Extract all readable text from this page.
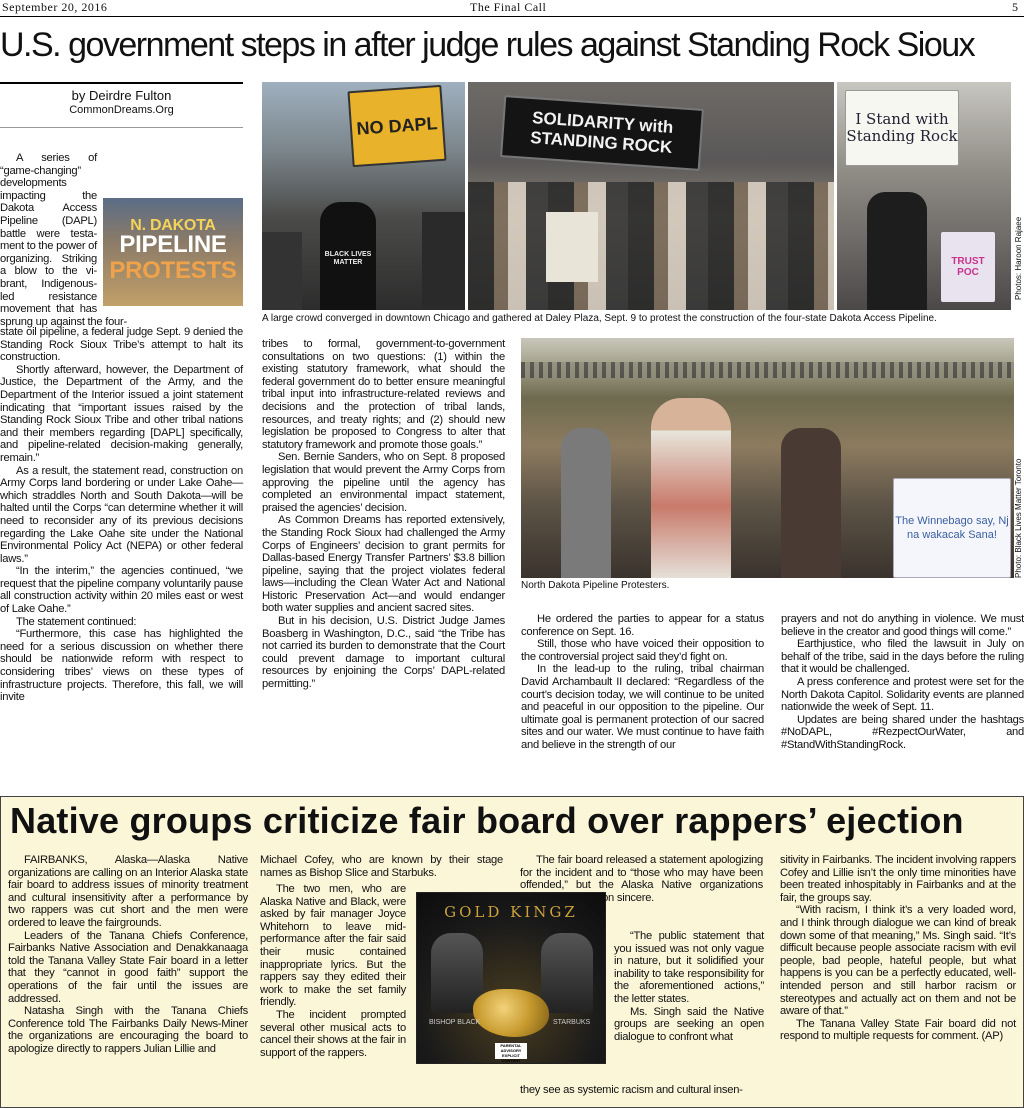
September 20, 2016	The Final Call	5
U.S. government steps in after judge rules against Standing Rock Sioux
by Deirdre Fulton
CommonDreams.Org
N. DAKOTA
PIPELINE
PROTESTS

A series of “game-changing” developments impacting the Dakota Access Pipeline (DAPL) battle were testa-ment to the power of organizing. Striking a blow to the vi-brant, Indigenous-led resistance movement that has sprung up against the four-

state oil pipeline, a federal judge Sept. 9 denied the Standing Rock Sioux Tribe’s attempt to halt its construction.

Shortly afterward, however, the Department of Justice, the Department of the Army, and the Department of the Interior issued a joint statement indicating that “important issues raised by the Standing Rock Sioux Tribe and other tribal nations and their members regarding [DAPL] specifically, and pipeline-related decision-making generally, remain.”

As a result, the statement read, construction on Army Corps land bordering or under Lake Oahe—which straddles North and South Dakota—will be halted until the Corps “can determine whether it will need to reconsider any of its previous decisions regarding the Lake Oahe site under the National Environmental Policy Act (NEPA) or other federal laws.”

“In the interim,” the agencies continued, “we request that the pipeline company voluntarily pause all construction activity within 20 miles east or west of Lake Oahe.”

The statement continued:

“Furthermore, this case has highlighted the need for a serious discussion on whether there should be nationwide reform with respect to considering tribes’ views on these types of infrastructure projects. Therefore, this fall, we will invite

NO DAPL
BLACK LIVES MATTER
SOLIDARITY with STANDING ROCK
I Stand with Standing Rock
TRUST POC	Photos: Haroon Rajaee
A large crowd converged in downtown Chicago and gathered at Daley Plaza, Sept. 9 to protest the construction of the four-state Dakota Access Pipeline.

tribes to formal, government-to-government consultations on two questions: (1) within the existing statutory framework, what should the federal government do to better ensure meaningful tribal input into infrastructure-related reviews and decisions and the protection of tribal lands, resources, and treaty rights; and (2) should new legislation be proposed to Congress to alter that statutory framework and promote those goals.”

Sen. Bernie Sanders, who on Sept. 8 proposed legislation that would prevent the Army Corps from approving the pipeline until the agency has completed an environmental impact statement, praised the agencies’ decision.

As Common Dreams has reported extensively, the Standing Rock Sioux had challenged the Army Corps of Engineers’ decision to grant permits for Dallas-based Energy Transfer Partners’ $3.8 billion pipeline, saying that the project violates federal laws—including the Clean Water Act and National Historic Preservation Act—and would endanger both water supplies and ancient sacred sites.

But in his decision, U.S. District Judge James Boasberg in Washington, D.C., said “the Tribe has not carried its burden to demonstrate that the Court could prevent damage to important cultural resources by enjoining the Corps’ DAPL-related permitting.”

The Winnebago say, Nj na wakacak Sana!	Photo: Black Lives Matter Toronto
North Dakota Pipeline Protesters.

He ordered the parties to appear for a status conference on Sept. 16.

Still, those who have voiced their opposition to the controversial project said they’d fight on.

In the lead-up to the ruling, tribal chairman David Archambault II declared: “Regardless of the court’s decision today, we will continue to be united and peaceful in our opposition to the pipeline. Our ultimate goal is permanent protection of our sacred sites and our water. We must continue to have faith and believe in the strength of our

prayers and not do anything in violence. We must believe in the creator and good things will come.”

Earthjustice, who filed the lawsuit in July on behalf of the tribe, said in the days before the ruling that it would be challenged.

A press conference and protest were set for the North Dakota Capitol. Solidarity events are planned nationwide the week of Sept. 11.

Updates are being shared under the hashtags #NoDAPL, #RezpectOurWater, and #StandWithStandingRock.

Native groups criticize fair board over rappers’ ejection

FAIRBANKS, Alaska—Alaska Native organizations are calling on an Interior Alaska state fair board to address issues of minority treatment and cultural insensitivity after a performance by two rappers was cut short and the men were ordered to leave the fairgrounds.

Leaders of the Tanana Chiefs Conference, Fairbanks Native Association and Denakkanaaga told the Tanana Valley State Fair board in a letter that they “cannot in good faith” support the operations of the fair until the issues are addressed.

Natasha Singh with the Tanana Chiefs Conference told The Fairbanks Daily News-Miner the organizations are encouraging the board to apologize directly to rappers Julian Lillie and

Michael Cofey, who are known by their stage names as Bishop Slice and Starbuks.

The two men, who are Alaska Native and Black, were asked by fair manager Joyce Whitehorn to leave mid-performance after the fair said their music contained inappropriate lyrics. But the rappers say they edited their work to make the set family friendly.

The incident prompted several other musical acts to cancel their shows at the fair in support of the rappers.

GOLD KINGZ
BISHOP BLACK	STARBUKS
PARENTAL ADVISORY EXPLICIT CONTENT

The fair board released a statement apologizing for the incident and to “those who may have been offended,” but the Alaska Native organizations didn’t find the action sincere.

“The public statement that you issued was not only vague in nature, but it solidified your inability to take responsibility for the aforementioned actions,” the letter states.

Ms. Singh said the Native groups are seeking an open dialogue to confront what

they see as systemic racism and cultural insen-

sitivity in Fairbanks. The incident involving rappers Cofey and Lillie isn’t the only time minorities have been treated inhospitably in Fairbanks and at the fair, the groups say.

“With racism, I think it’s a very loaded word, and I think through dialogue we can kind of break down some of that meaning,” Ms. Singh said. “It’s difficult because people associate racism with evil people, bad people, hateful people, but what happens is you can be a perfectly educated, well-intended person and still harbor racism or stereotypes and actually act on them and not be aware of that.”

The Tanana Valley State Fair board did not respond to multiple requests for comment. (AP)
